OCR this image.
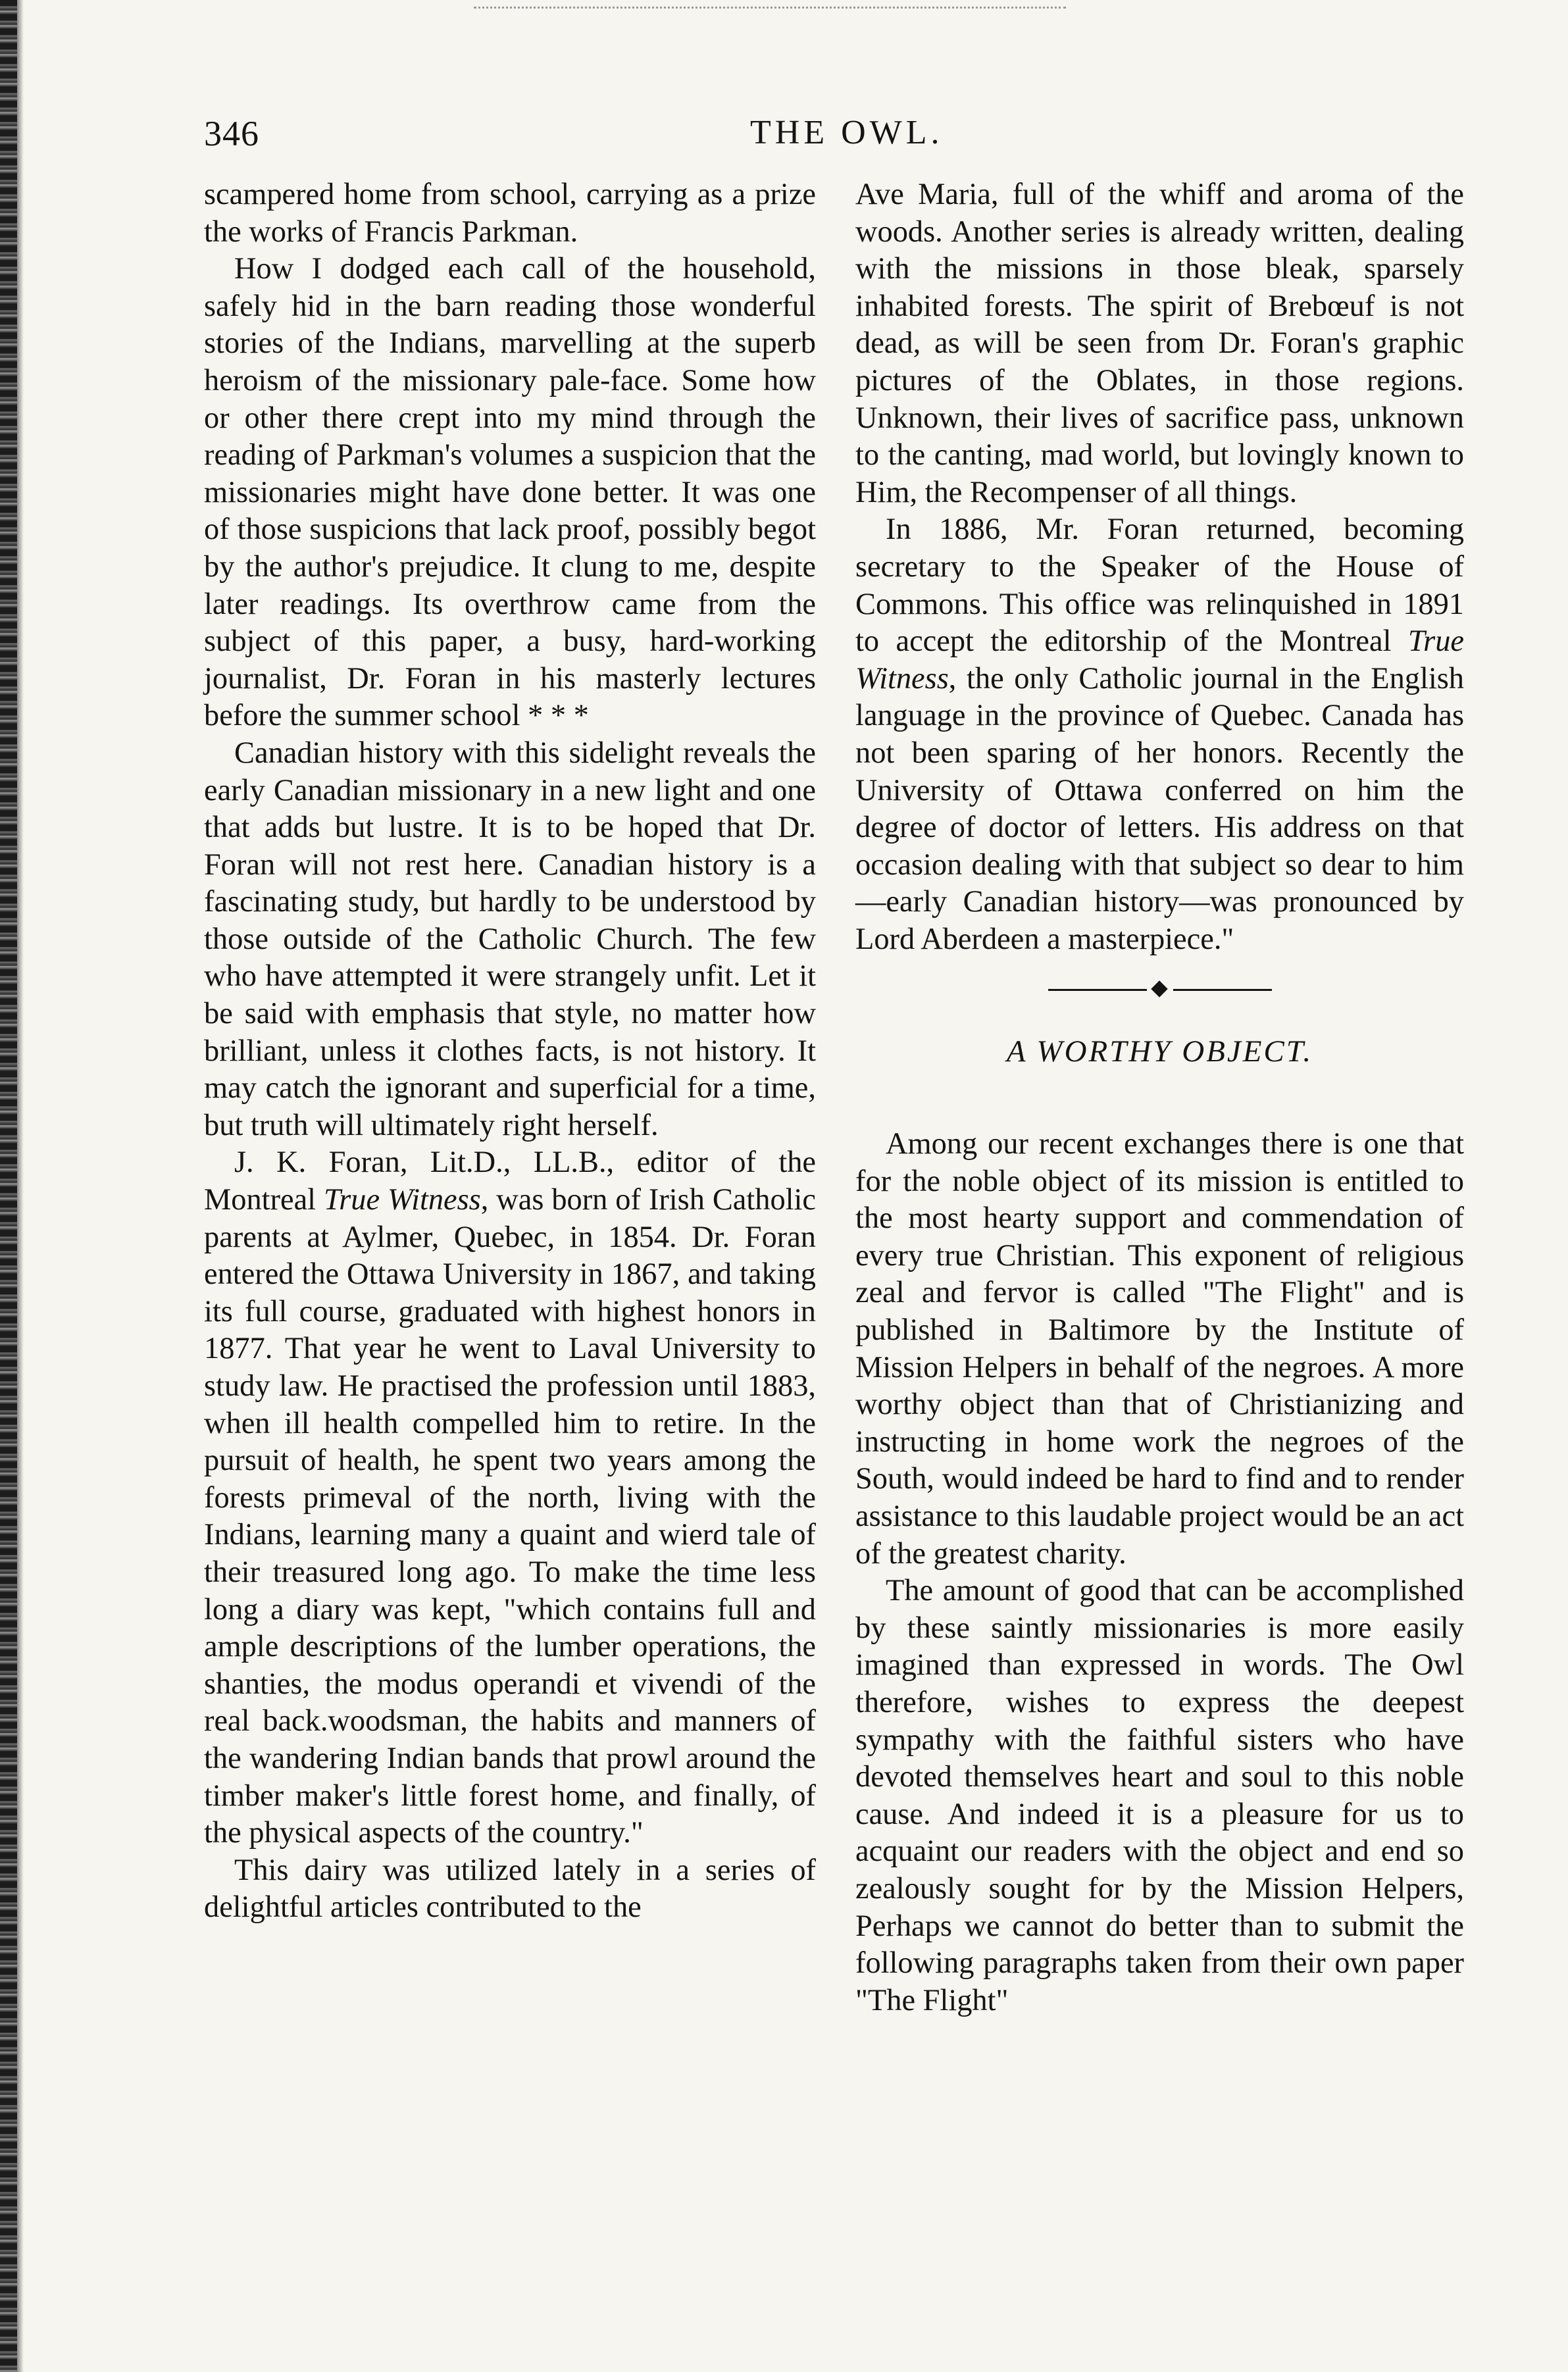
346	THE OWL.

scampered home from school, carrying as a prize the works of Francis Parkman.

How I dodged each call of the household, safely hid in the barn reading those wonderful stories of the Indians, marvelling at the superb heroism of the missionary pale-face. Some how or other there crept into my mind through the reading of Parkman's volumes a suspicion that the missionaries might have done better. It was one of those suspicions that lack proof, possibly begot by the author's prejudice. It clung to me, despite later readings. Its overthrow came from the subject of this paper, a busy, hard-working journalist, Dr. Foran in his masterly lectures before the summer school * * *

Canadian history with this sidelight reveals the early Canadian missionary in a new light and one that adds but lustre. It is to be hoped that Dr. Foran will not rest here. Canadian history is a fascinating study, but hardly to be understood by those outside of the Catholic Church. The few who have attempted it were strangely unfit. Let it be said with emphasis that style, no matter how brilliant, unless it clothes facts, is not history. It may catch the ignorant and superficial for a time, but truth will ultimately right herself.

J. K. Foran, Lit.D., LL.B., editor of the Montreal True Witness, was born of Irish Catholic parents at Aylmer, Quebec, in 1854. Dr. Foran entered the Ottawa University in 1867, and taking its full course, graduated with highest honors in 1877. That year he went to Laval University to study law. He practised the profession until 1883, when ill health compelled him to retire. In the pursuit of health, he spent two years among the forests primeval of the north, living with the Indians, learning many a quaint and wierd tale of their treasured long ago. To make the time less long a diary was kept, "which contains full and ample descriptions of the lumber operations, the shanties, the modus operandi et vivendi of the real back.woodsman, the habits and manners of the wandering Indian bands that prowl around the timber maker's little forest home, and finally, of the physical aspects of the country."

This dairy was utilized lately in a series of delightful articles contributed to the

Ave Maria, full of the whiff and aroma of the woods. Another series is already written, dealing with the missions in those bleak, sparsely inhabited forests. The spirit of Brebœuf is not dead, as will be seen from Dr. Foran's graphic pictures of the Oblates, in those regions. Unknown, their lives of sacrifice pass, unknown to the canting, mad world, but lovingly known to Him, the Recompenser of all things.

In 1886, Mr. Foran returned, becoming secretary to the Speaker of the House of Commons. This office was relinquished in 1891 to accept the editorship of the Montreal True Witness, the only Catholic journal in the English language in the province of Quebec. Canada has not been sparing of her honors. Recently the University of Ottawa conferred on him the degree of doctor of letters. His address on that occasion dealing with that subject so dear to him—early Canadian history—was pronounced by Lord Aberdeen a masterpiece."

A WORTHY OBJECT.

Among our recent exchanges there is one that for the noble object of its mission is entitled to the most hearty support and commendation of every true Christian. This exponent of religious zeal and fervor is called "The Flight" and is published in Baltimore by the Institute of Mission Helpers in behalf of the negroes. A more worthy object than that of Christianizing and instructing in home work the negroes of the South, would indeed be hard to find and to render assistance to this laudable project would be an act of the greatest charity.

The amount of good that can be accomplished by these saintly missionaries is more easily imagined than expressed in words. The Owl therefore, wishes to express the deepest sympathy with the faithful sisters who have devoted themselves heart and soul to this noble cause. And indeed it is a pleasure for us to acquaint our readers with the object and end so zealously sought for by the Mission Helpers, Perhaps we cannot do better than to submit the following paragraphs taken from their own paper "The Flight"
